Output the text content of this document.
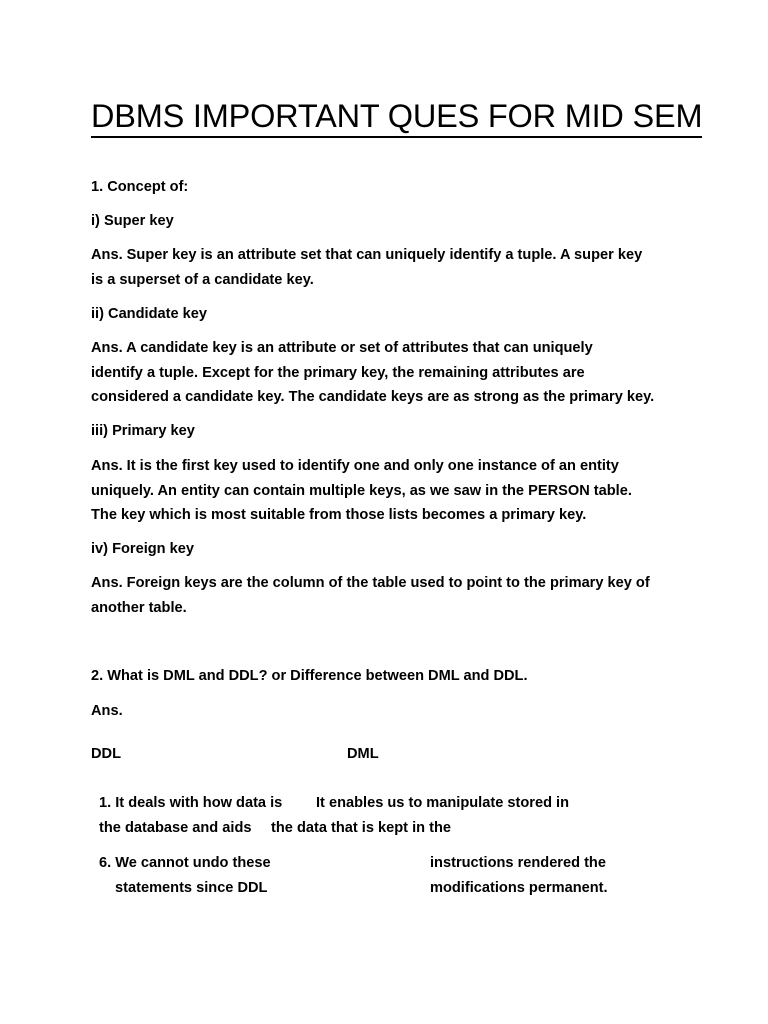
DBMS IMPORTANT QUES FOR MID SEM

1. Concept of:

i) Super key

Ans. Super key is an attribute set that can uniquely identify a tuple. A super key
is a superset of a candidate key.

ii) Candidate key

Ans. A candidate key is an attribute or set of attributes that can uniquely
identify a tuple. Except for the primary key, the remaining attributes are
considered a candidate key. The candidate keys are as strong as the primary key.

iii) Primary key

Ans. It is the first key used to identify one and only one instance of an entity
uniquely. An entity can contain multiple keys, as we saw in the PERSON table.
The key which is most suitable from those lists becomes a primary key.

iv) Foreign key

Ans. Foreign keys are the column of the table used to point to the primary key of
another table.

2. What is DML and DDL? or Difference between DML and DDL.

Ans.

DDL	DML

1. It deals with how data is
the database and aids
It enables us to manipulate stored in
the data that is kept in the
6. We cannot undo these
statements since DDL
instructions rendered the
modifications permanent.
